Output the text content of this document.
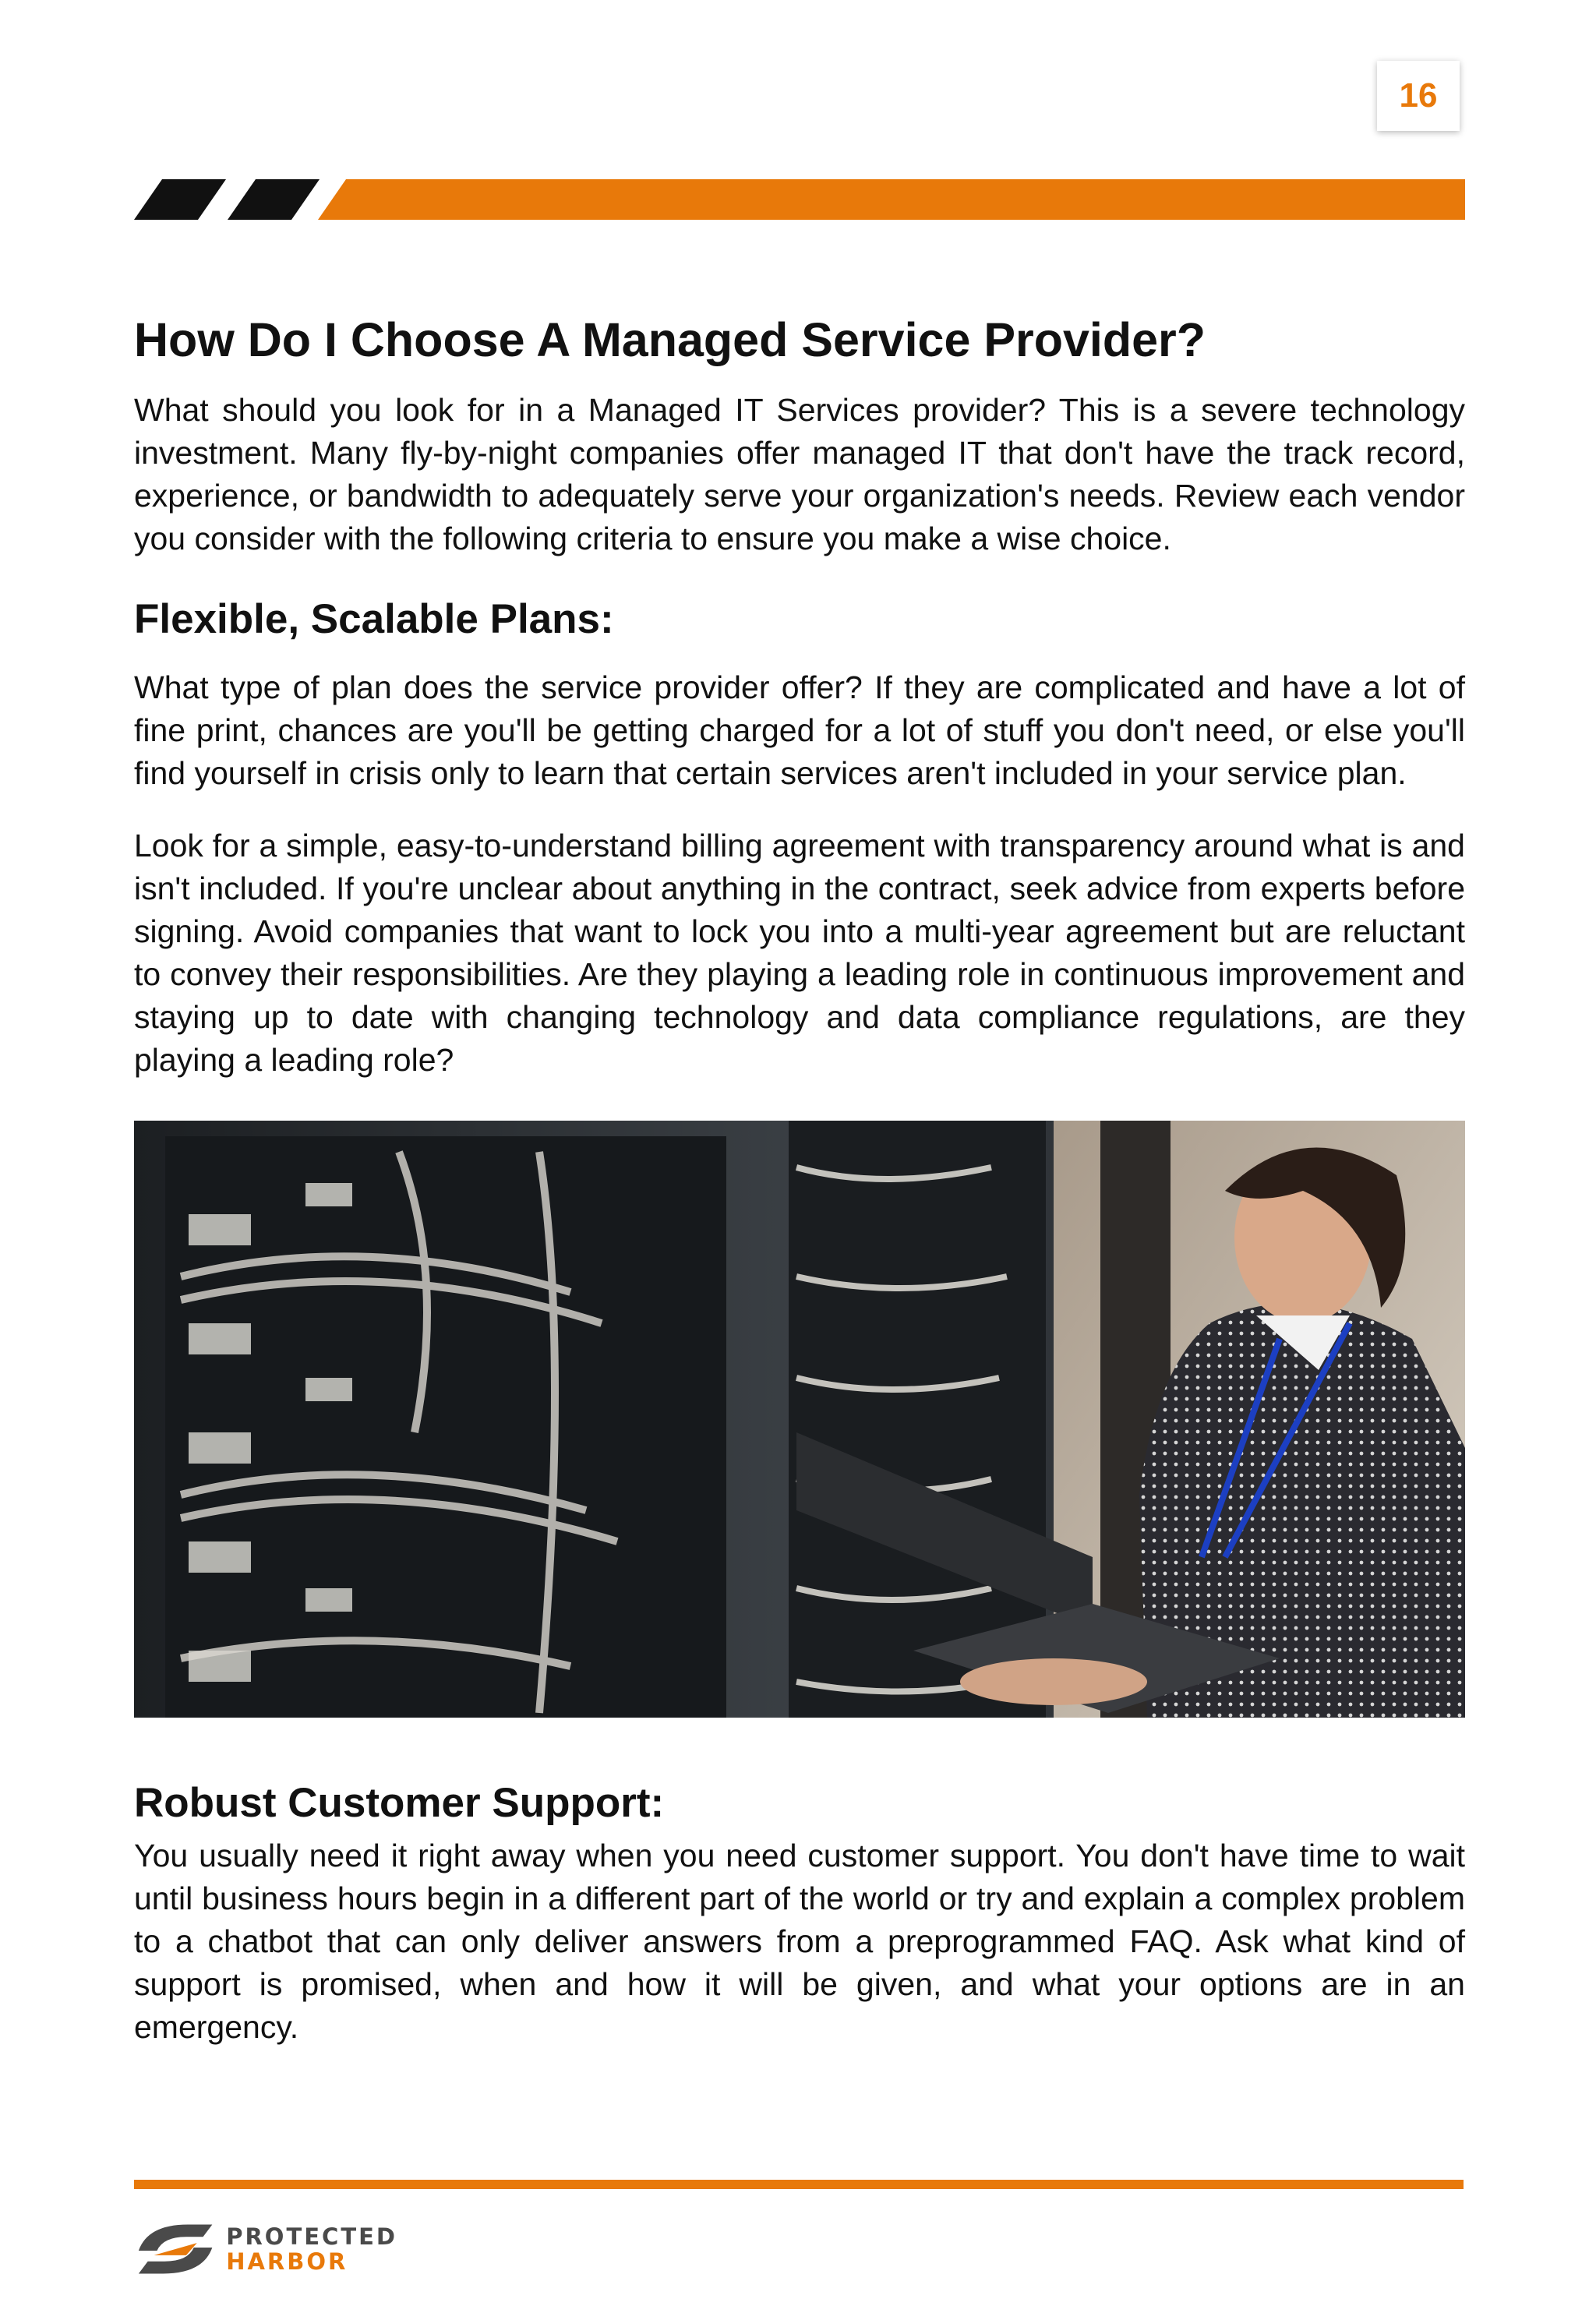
16
How Do I Choose A Managed Service Provider?

What should you look for in a Managed IT Services provider? This is a severe technology investment. Many fly-by-night companies offer managed IT that don't have the track record, experience, or bandwidth to adequately serve your organization's needs. Review each vendor you consider with the following criteria to ensure you make a wise choice.

Flexible, Scalable Plans:

What type of plan does the service provider offer? If they are complicated and have a lot of fine print, chances are you'll be getting charged for a lot of stuff you don't need, or else you'll find yourself in crisis only to learn that certain services aren't included in your service plan.

Look for a simple, easy-to-understand billing agreement with transparency around what is and isn't included. If you're unclear about anything in the contract, seek advice from experts before signing. Avoid companies that want to lock you into a multi-year agreement but are reluctant to convey their responsibilities. Are they playing a leading role in continuous improvement and staying up to date with changing technology and data compliance regulations, are they playing a leading role?

Robust Customer Support:

You usually need it right away when you need customer support. You don't have time to wait until business hours begin in a different part of the world or try and explain a complex problem to a chatbot that can only deliver answers from a preprogrammed FAQ. Ask what kind of support is promised, when and how it will be given, and what your options are in an emergency.

PROTECTED
HARBOR
